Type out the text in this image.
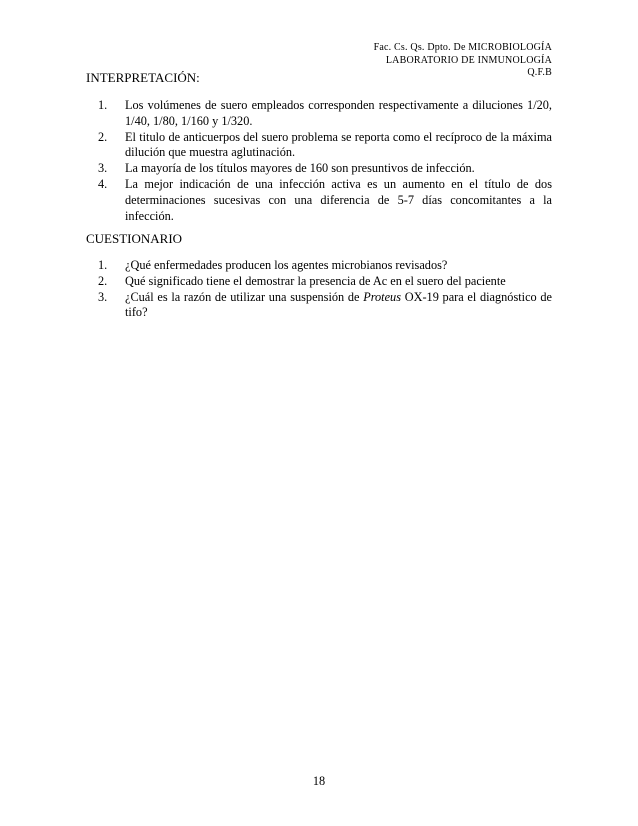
Fac. Cs. Qs. Dpto. De MICROBIOLOGÍA
LABORATORIO DE INMUNOLOGÍA
Q.F.B
INTERPRETACIÓN:
1. Los volúmenes de suero empleados corresponden respectivamente a diluciones 1/20, 1/40, 1/80, 1/160 y 1/320.
2. El titulo de anticuerpos del suero problema se reporta como el recíproco de la máxima dilución que muestra aglutinación.
3. La mayoría de los títulos mayores de 160 son presuntivos de infección.
4. La mejor indicación de una infección activa es un aumento en el título de dos determinaciones sucesivas con una diferencia de 5-7 días concomitantes a la infección.
CUESTIONARIO
1. ¿Qué enfermedades producen los agentes microbianos revisados?
2. Qué significado tiene el demostrar la presencia de Ac en el suero del paciente
3. ¿Cuál es la razón de utilizar una suspensión de Proteus OX-19 para el diagnóstico de tifo?
18
